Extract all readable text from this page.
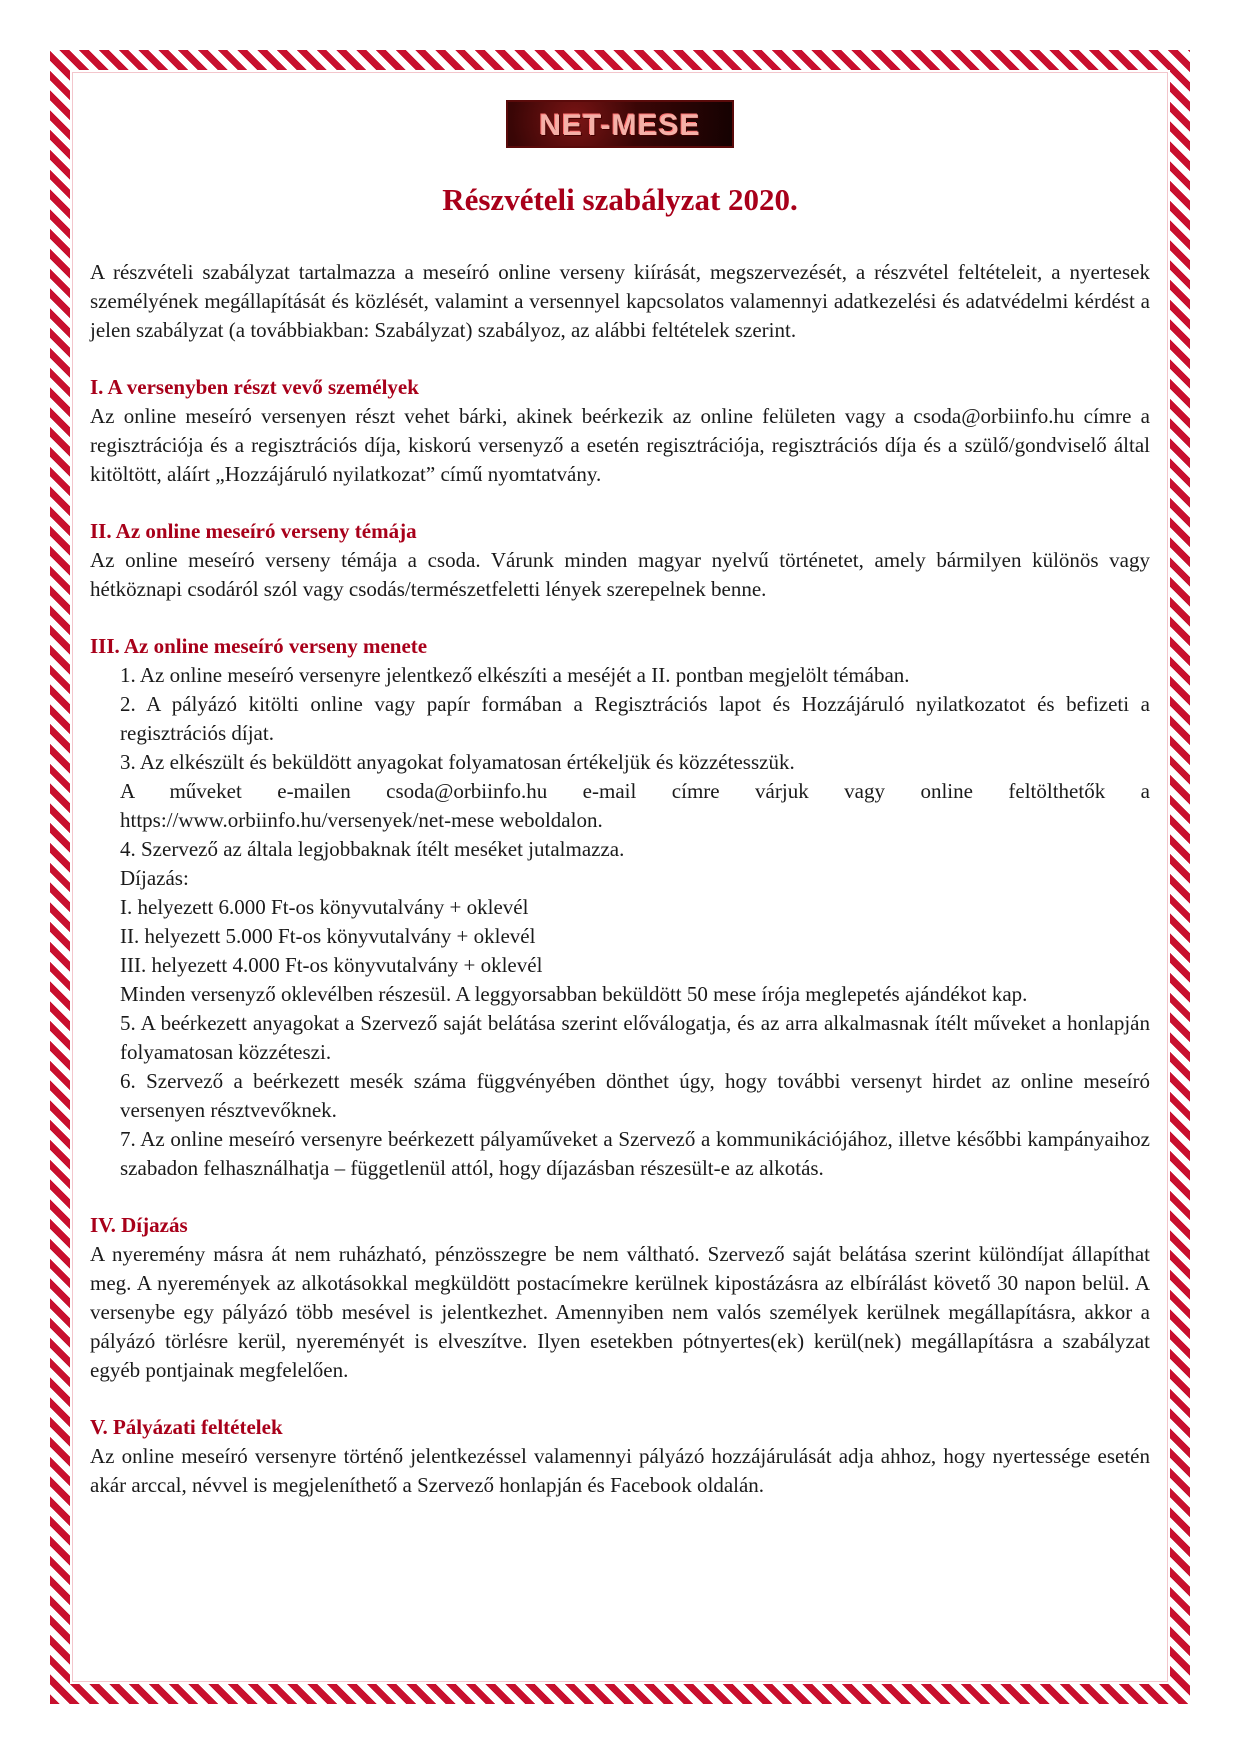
NET-MESE
Részvételi szabályzat 2020.

A részvételi szabályzat tartalmazza a meseíró online verseny kiírását, megszervezését, a részvétel feltételeit, a nyertesek személyének megállapítását és közlését, valamint a versennyel kapcsolatos valamennyi adatkezelési és adatvédelmi kérdést a jelen szabályzat (a továbbiakban: Szabályzat) szabályoz, az alábbi feltételek szerint.

I. A versenyben részt vevő személyek

Az online meseíró versenyen részt vehet bárki, akinek beérkezik az online felületen vagy a csoda@orbiinfo.hu címre a regisztrációja és a regisztrációs díja, kiskorú versenyző a esetén regisztrációja, regisztrációs díja és a szülő/gondviselő által kitöltött, aláírt „Hozzájáruló nyilatkozat” című nyomtatvány.

II. Az online meseíró verseny témája

Az online meseíró verseny témája a csoda. Várunk minden magyar nyelvű történetet, amely bármilyen különös vagy hétköznapi csodáról szól vagy csodás/természetfeletti lények szerepelnek benne.

III. Az online meseíró verseny menete

1. Az online meseíró versenyre jelentkező elkészíti a meséjét a II. pontban megjelölt témában.

2. A pályázó kitölti online vagy papír formában a Regisztrációs lapot és Hozzájáruló nyilatkozatot és befizeti a regisztrációs díjat.

3. Az elkészült és beküldött anyagokat folyamatosan értékeljük és közzétesszük.

A műveket e-mailen csoda@orbiinfo.hu e-mail címre várjuk vagy online feltölthetők a https://www.orbiinfo.hu/versenyek/net-mese weboldalon.

4. Szervező az általa legjobbaknak ítélt meséket jutalmazza.

Díjazás:

I. helyezett 6.000 Ft-os könyvutalvány + oklevél

II. helyezett 5.000 Ft-os könyvutalvány + oklevél

III. helyezett 4.000 Ft-os könyvutalvány + oklevél

Minden versenyző oklevélben részesül. A leggyorsabban beküldött 50 mese írója meglepetés ajándékot kap.

5. A beérkezett anyagokat a Szervező saját belátása szerint előválogatja, és az arra alkalmasnak ítélt műveket a honlapján folyamatosan közzéteszi.

6. Szervező a beérkezett mesék száma függvényében dönthet úgy, hogy további versenyt hirdet az online meseíró versenyen résztvevőknek.

7. Az online meseíró versenyre beérkezett pályaműveket a Szervező a kommunikációjához, illetve későbbi kampányaihoz szabadon felhasználhatja – függetlenül attól, hogy díjazásban részesült-e az alkotás.

IV. Díjazás

A nyeremény másra át nem ruházható, pénzösszegre be nem váltható. Szervező saját belátása szerint különdíjat állapíthat meg. A nyeremények az alkotásokkal megküldött postacímekre kerülnek kipostázásra az elbírálást követő 30 napon belül. A versenybe egy pályázó több mesével is jelentkezhet. Amennyiben nem valós személyek kerülnek megállapításra, akkor a pályázó törlésre kerül, nyereményét is elveszítve. Ilyen esetekben pótnyertes(ek) kerül(nek) megállapításra a szabályzat egyéb pontjainak megfelelően.

V. Pályázati feltételek

Az online meseíró versenyre történő jelentkezéssel valamennyi pályázó hozzájárulását adja ahhoz, hogy nyertessége esetén akár arccal, névvel is megjeleníthető a Szervező honlapján és Facebook oldalán.
